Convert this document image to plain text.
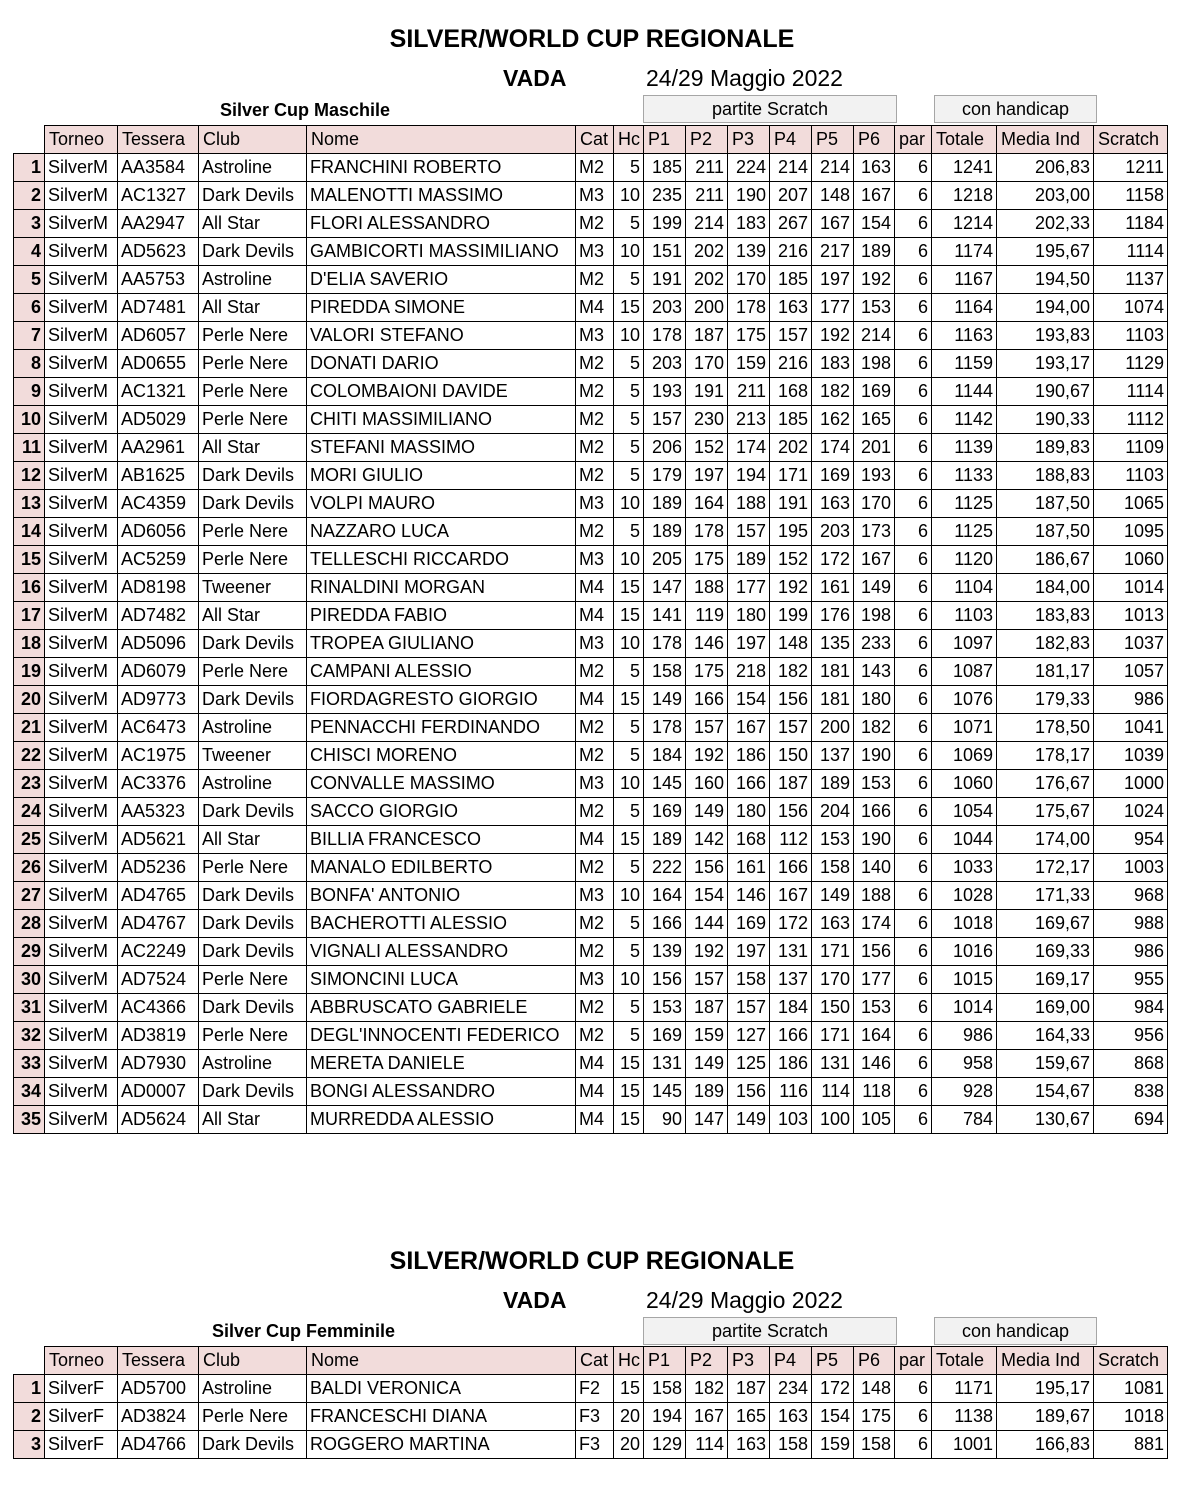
SILVER/WORLD CUP REGIONALE
VADA	24/29 Maggio 2022
Silver Cup Maschile	partite Scratch	con handicap
	Torneo	Tessera	Club	Nome	Cat	Hc	P1	P2	P3	P4	P5	P6	par	Totale	Media Ind	Scratch
1	SilverM	AA3584	Astroline	FRANCHINI ROBERTO	M2	5	185	211	224	214	214	163	6	1241	206,83	1211
2	SilverM	AC1327	Dark Devils	MALENOTTI MASSIMO	M3	10	235	211	190	207	148	167	6	1218	203,00	1158
3	SilverM	AA2947	All Star	FLORI ALESSANDRO	M2	5	199	214	183	267	167	154	6	1214	202,33	1184
4	SilverM	AD5623	Dark Devils	GAMBICORTI MASSIMILIANO	M3	10	151	202	139	216	217	189	6	1174	195,67	1114
5	SilverM	AA5753	Astroline	D'ELIA SAVERIO	M2	5	191	202	170	185	197	192	6	1167	194,50	1137
6	SilverM	AD7481	All Star	PIREDDA SIMONE	M4	15	203	200	178	163	177	153	6	1164	194,00	1074
7	SilverM	AD6057	Perle Nere	VALORI STEFANO	M3	10	178	187	175	157	192	214	6	1163	193,83	1103
8	SilverM	AD0655	Perle Nere	DONATI DARIO	M2	5	203	170	159	216	183	198	6	1159	193,17	1129
9	SilverM	AC1321	Perle Nere	COLOMBAIONI DAVIDE	M2	5	193	191	211	168	182	169	6	1144	190,67	1114
10	SilverM	AD5029	Perle Nere	CHITI MASSIMILIANO	M2	5	157	230	213	185	162	165	6	1142	190,33	1112
11	SilverM	AA2961	All Star	STEFANI MASSIMO	M2	5	206	152	174	202	174	201	6	1139	189,83	1109
12	SilverM	AB1625	Dark Devils	MORI GIULIO	M2	5	179	197	194	171	169	193	6	1133	188,83	1103
13	SilverM	AC4359	Dark Devils	VOLPI MAURO	M3	10	189	164	188	191	163	170	6	1125	187,50	1065
14	SilverM	AD6056	Perle Nere	NAZZARO LUCA	M2	5	189	178	157	195	203	173	6	1125	187,50	1095
15	SilverM	AC5259	Perle Nere	TELLESCHI RICCARDO	M3	10	205	175	189	152	172	167	6	1120	186,67	1060
16	SilverM	AD8198	Tweener	RINALDINI MORGAN	M4	15	147	188	177	192	161	149	6	1104	184,00	1014
17	SilverM	AD7482	All Star	PIREDDA FABIO	M4	15	141	119	180	199	176	198	6	1103	183,83	1013
18	SilverM	AD5096	Dark Devils	TROPEA GIULIANO	M3	10	178	146	197	148	135	233	6	1097	182,83	1037
19	SilverM	AD6079	Perle Nere	CAMPANI ALESSIO	M2	5	158	175	218	182	181	143	6	1087	181,17	1057
20	SilverM	AD9773	Dark Devils	FIORDAGRESTO GIORGIO	M4	15	149	166	154	156	181	180	6	1076	179,33	986
21	SilverM	AC6473	Astroline	PENNACCHI FERDINANDO	M2	5	178	157	167	157	200	182	6	1071	178,50	1041
22	SilverM	AC1975	Tweener	CHISCI MORENO	M2	5	184	192	186	150	137	190	6	1069	178,17	1039
23	SilverM	AC3376	Astroline	CONVALLE MASSIMO	M3	10	145	160	166	187	189	153	6	1060	176,67	1000
24	SilverM	AA5323	Dark Devils	SACCO GIORGIO	M2	5	169	149	180	156	204	166	6	1054	175,67	1024
25	SilverM	AD5621	All Star	BILLIA FRANCESCO	M4	15	189	142	168	112	153	190	6	1044	174,00	954
26	SilverM	AD5236	Perle Nere	MANALO EDILBERTO	M2	5	222	156	161	166	158	140	6	1033	172,17	1003
27	SilverM	AD4765	Dark Devils	BONFA' ANTONIO	M3	10	164	154	146	167	149	188	6	1028	171,33	968
28	SilverM	AD4767	Dark Devils	BACHEROTTI ALESSIO	M2	5	166	144	169	172	163	174	6	1018	169,67	988
29	SilverM	AC2249	Dark Devils	VIGNALI ALESSANDRO	M2	5	139	192	197	131	171	156	6	1016	169,33	986
30	SilverM	AD7524	Perle Nere	SIMONCINI LUCA	M3	10	156	157	158	137	170	177	6	1015	169,17	955
31	SilverM	AC4366	Dark Devils	ABBRUSCATO GABRIELE	M2	5	153	187	157	184	150	153	6	1014	169,00	984
32	SilverM	AD3819	Perle Nere	DEGL'INNOCENTI FEDERICO	M2	5	169	159	127	166	171	164	6	986	164,33	956
33	SilverM	AD7930	Astroline	MERETA DANIELE	M4	15	131	149	125	186	131	146	6	958	159,67	868
34	SilverM	AD0007	Dark Devils	BONGI ALESSANDRO	M4	15	145	189	156	116	114	118	6	928	154,67	838
35	SilverM	AD5624	All Star	MURREDDA ALESSIO	M4	15	90	147	149	103	100	105	6	784	130,67	694
SILVER/WORLD CUP REGIONALE
VADA	24/29 Maggio 2022
Silver Cup Femminile	partite Scratch	con handicap
	Torneo	Tessera	Club	Nome	Cat	Hc	P1	P2	P3	P4	P5	P6	par	Totale	Media Ind	Scratch
1	SilverF	AD5700	Astroline	BALDI VERONICA	F2	15	158	182	187	234	172	148	6	1171	195,17	1081
2	SilverF	AD3824	Perle Nere	FRANCESCHI DIANA	F3	20	194	167	165	163	154	175	6	1138	189,67	1018
3	SilverF	AD4766	Dark Devils	ROGGERO MARTINA	F3	20	129	114	163	158	159	158	6	1001	166,83	881
